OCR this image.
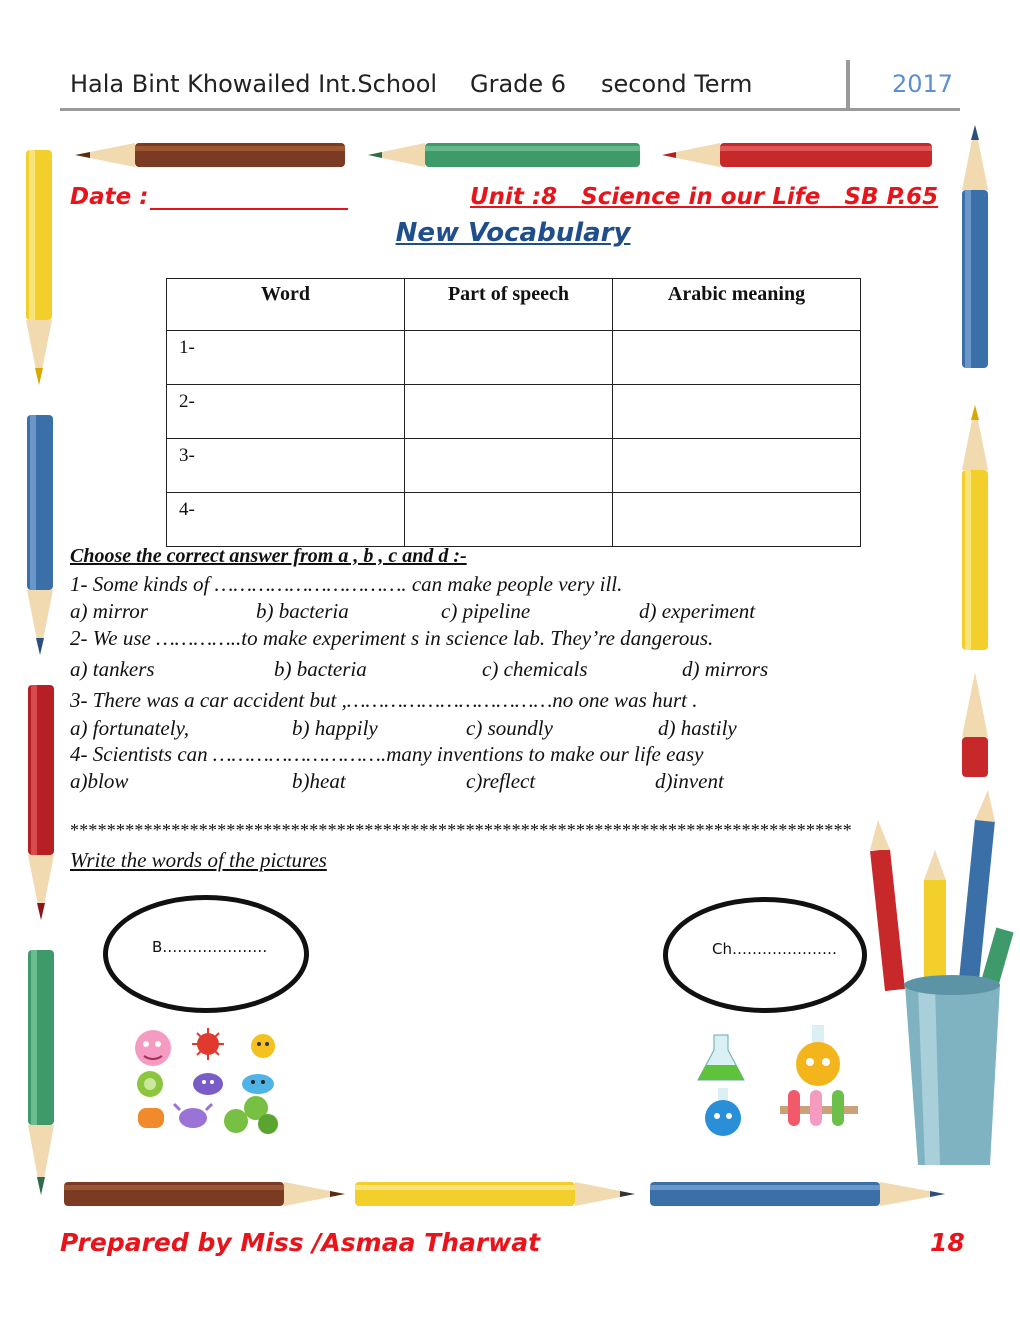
Hala Bint Khowailed Int.School Grade 6 second Term	2017
Date :	Unit :8   Science in our Life   SB P.65
New Vocabulary
Word	Part of speech	Arabic meaning
1-		
2-		
3-		
4-		
Choose the correct answer from a , b , c and d :-
1- Some kinds of …………………………. can make people very ill.
a) mirror	b) bacteria	c) pipeline	d) experiment
2- We use …………..to make experiment s in science lab. They’re dangerous.
a) tankers	b) bacteria	c) chemicals	d) mirrors
3- There was a car accident but ,……………………………no one was hurt .
a) fortunately,	b) happily	c) soundly	d) hastily
4- Scientists can ……………………….many inventions to make our life easy
a)blow	b)heat	c)reflect	d)invent
*************************************************************************************
Write the words of the pictures
B…………………	Ch…………………
Prepared by Miss /Asmaa Tharwat	18
